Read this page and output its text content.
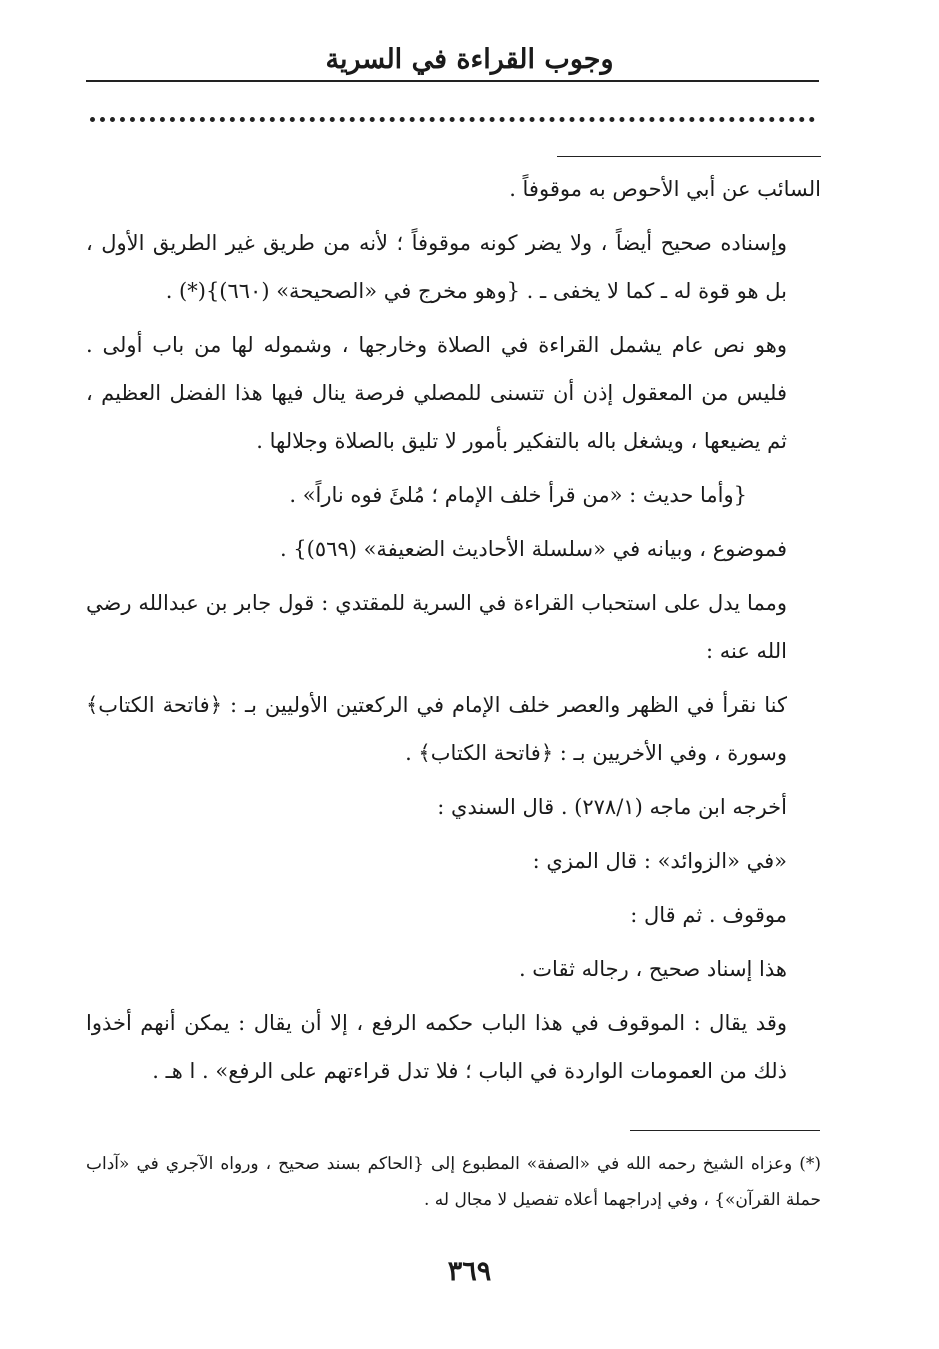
وجوب القراءة في السرية

السائب عن أبي الأحوص به موقوفاً .

وإسناده صحيح أيضاً ، ولا يضر كونه موقوفاً ؛ لأنه من طريق غير الطريق الأول ، بل هو قوة له ـ كما لا يخفى ـ . {وهو مخرج في «الصحيحة» (٦٦٠)}(*) .

وهو نص عام يشمل القراءة في الصلاة وخارجها ، وشموله لها من باب أولى . فليس من المعقول إذن أن تتسنى للمصلي فرصة ينال فيها هذا الفضل العظيم ، ثم يضيعها ، ويشغل باله بالتفكير بأمور لا تليق بالصلاة وجلالها .

{وأما حديث : «من قرأ خلف الإمام ؛ مُلئَ فوه ناراً» .

فموضوع ، وبيانه في «سلسلة الأحاديث الضعيفة» (٥٦٩)} .

ومما يدل على استحباب القراءة في السرية للمقتدي : قول جابر بن عبدالله رضي الله عنه :

كنا نقرأ في الظهر والعصر خلف الإمام في الركعتين الأوليين بـ : ﴿فاتحة الكتاب﴾ وسورة ، وفي الأخريين بـ : ﴿فاتحة الكتاب﴾ .

أخرجه ابن ماجه (٢٧٨/١) . قال السندي :

«في «الزوائد» : قال المزي :

موقوف . ثم قال :

هذا إسناد صحيح ، رجاله ثقات .

وقد يقال : الموقوف في هذا الباب حكمه الرفع ، إلا أن يقال : يمكن أنهم أخذوا ذلك من العمومات الواردة في الباب ؛ فلا تدل قراءتهم على الرفع» . ا هـ .

(*) وعزاه الشيخ رحمه الله في «الصفة» المطبوع إلى {الحاكم بسند صحيح ، ورواه الآجري في «آداب حملة القرآن»} ، وفي إدراجهما أعلاه تفصيل لا مجال له .

٣٦٩
